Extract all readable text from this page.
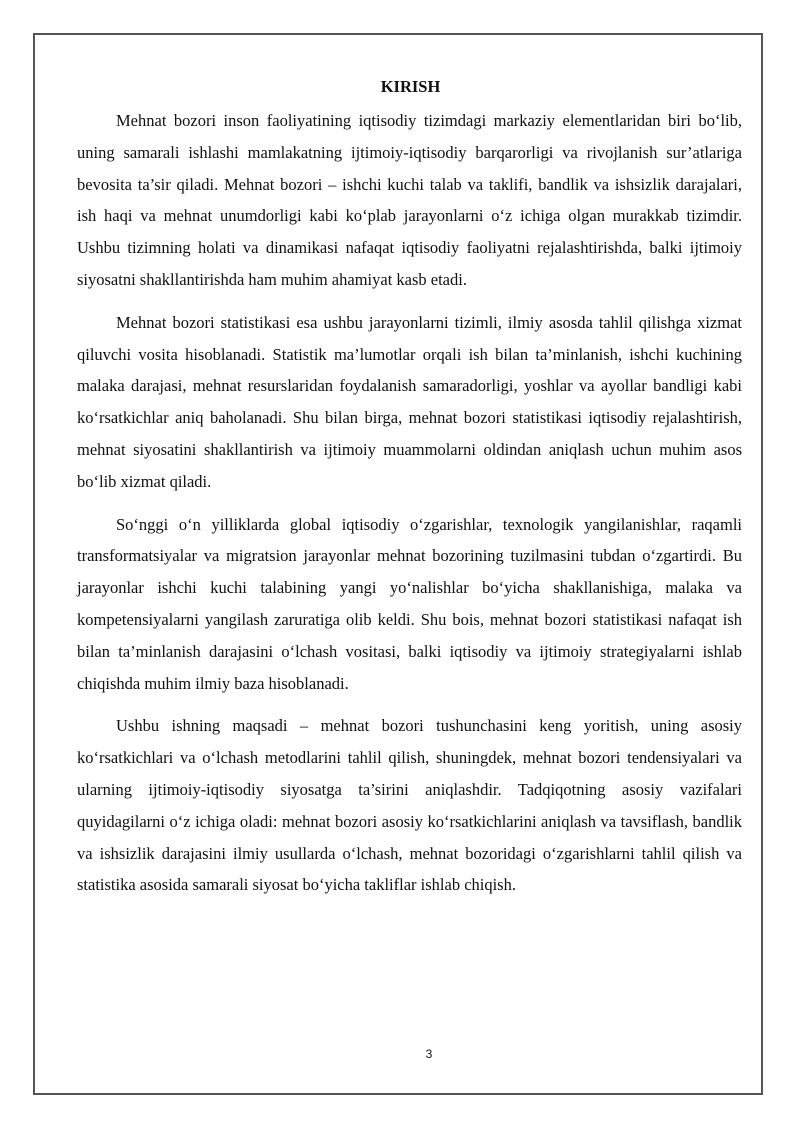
KIRISH

Mehnat bozori inson faoliyatining iqtisodiy tizimdagi markaziy elementlaridan biri bo‘lib, uning samarali ishlashi mamlakatning ijtimoiy-iqtisodiy barqarorligi va rivojlanish sur’atlariga bevosita ta’sir qiladi. Mehnat bozori – ishchi kuchi talab va taklifi, bandlik va ishsizlik darajalari, ish haqi va mehnat unumdorligi kabi ko‘plab jarayonlarni o‘z ichiga olgan murakkab tizimdir. Ushbu tizimning holati va dinamikasi nafaqat iqtisodiy faoliyatni rejalashtirishda, balki ijtimoiy siyosatni shakllantirishda ham muhim ahamiyat kasb etadi.

Mehnat bozori statistikasi esa ushbu jarayonlarni tizimli, ilmiy asosda tahlil qilishga xizmat qiluvchi vosita hisoblanadi. Statistik ma’lumotlar orqali ish bilan ta’minlanish, ishchi kuchining malaka darajasi, mehnat resurslaridan foydalanish samaradorligi, yoshlar va ayollar bandligi kabi ko‘rsatkichlar aniq baholanadi. Shu bilan birga, mehnat bozori statistikasi iqtisodiy rejalashtirish, mehnat siyosatini shakllantirish va ijtimoiy muammolarni oldindan aniqlash uchun muhim asos bo‘lib xizmat qiladi.

So‘nggi o‘n yilliklarda global iqtisodiy o‘zgarishlar, texnologik yangilanishlar, raqamli transformatsiyalar va migratsion jarayonlar mehnat bozorining tuzilmasini tubdan o‘zgartirdi. Bu jarayonlar ishchi kuchi talabining yangi yo‘nalishlar bo‘yicha shakllanishiga, malaka va kompetensiyalarni yangilash zaruratiga olib keldi. Shu bois, mehnat bozori statistikasi nafaqat ish bilan ta’minlanish darajasini o‘lchash vositasi, balki iqtisodiy va ijtimoiy strategiyalarni ishlab chiqishda muhim ilmiy baza hisoblanadi.

Ushbu ishning maqsadi – mehnat bozori tushunchasini keng yoritish, uning asosiy ko‘rsatkichlari va o‘lchash metodlarini tahlil qilish, shuningdek, mehnat bozori tendensiyalari va ularning ijtimoiy-iqtisodiy siyosatga ta’sirini aniqlashdir. Tadqiqotning asosiy vazifalari quyidagilarni o‘z ichiga oladi: mehnat bozori asosiy ko‘rsatkichlarini aniqlash va tavsiflash, bandlik va ishsizlik darajasini ilmiy usullarda o‘lchash, mehnat bozoridagi o‘zgarishlarni tahlil qilish va statistika asosida samarali siyosat bo‘yicha takliflar ishlab chiqish.

3
